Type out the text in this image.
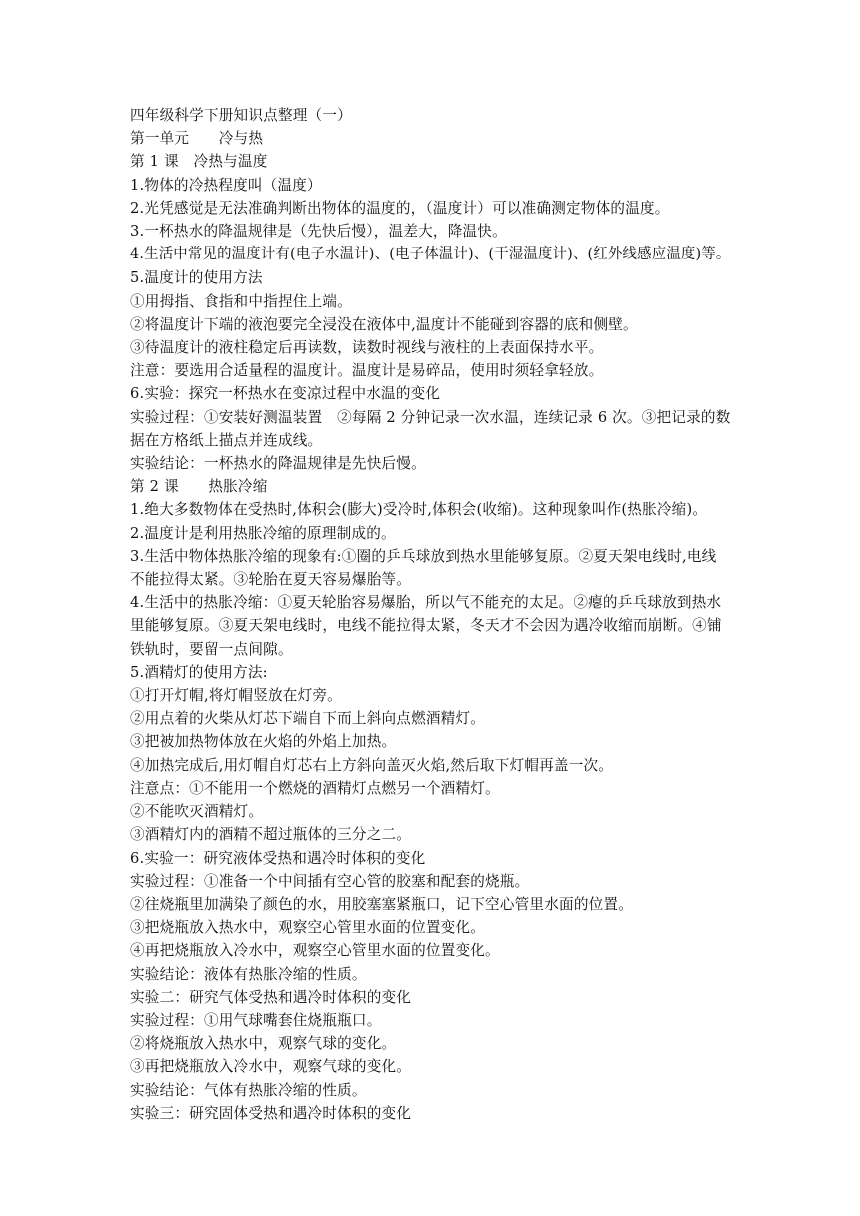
四年级科学下册知识点整理（一）
第一单元　　冷与热
第 1 课　冷热与温度
1.物体的冷热程度叫（温度）
2.光凭感觉是无法准确判断出物体的温度的，（温度计）可以准确测定物体的温度。
3.一杯热水的降温规律是（先快后慢），温差大，降温快。
4.生活中常见的温度计有(电子水温计)、(电子体温计)、(干湿温度计)、(红外线感应温度)等。
5.温度计的使用方法
①用拇指、食指和中指捏住上端。
②将温度计下端的液泡要完全浸没在液体中,温度计不能碰到容器的底和侧壁。
③待温度计的液柱稳定后再读数，读数时视线与液柱的上表面保持水平。
注意：要选用合适量程的温度计。温度计是易碎品，使用时须轻拿轻放。
6.实验：探究一杯热水在变凉过程中水温的变化
实验过程：①安装好测温装置　②每隔 2 分钟记录一次水温，连续记录 6 次。③把记录的数
据在方格纸上描点并连成线。
实验结论：一杯热水的降温规律是先快后慢。
第 2 课　　热胀冷缩
1.绝大多数物体在受热时,体积会(膨大)受冷时,体积会(收缩)。这种现象叫作(热胀冷缩)。
2.温度计是利用热胀冷缩的原理制成的。
3.生活中物体热胀冷缩的现象有:①圈的乒乓球放到热水里能够复原。②夏天架电线时,电线
不能拉得太紧。③轮胎在夏天容易爆胎等。
4.生活中的热胀冷缩：①夏天轮胎容易爆胎，所以气不能充的太足。②瘪的乒乓球放到热水
里能够复原。③夏天架电线时，电线不能拉得太紧，冬天才不会因为遇冷收缩而崩断。④铺
铁轨时，要留一点间隙。
5.酒精灯的使用方法:
①打开灯帽,将灯帽竖放在灯旁。
②用点着的火柴从灯芯下端自下而上斜向点燃酒精灯。
③把被加热物体放在火焰的外焰上加热。
④加热完成后,用灯帽自灯芯右上方斜向盖灭火焰,然后取下灯帽再盖一次。
注意点：①不能用一个燃烧的酒精灯点燃另一个酒精灯。
②不能吹灭酒精灯。
③酒精灯内的酒精不超过瓶体的三分之二。
6.实验一：研究液体受热和遇冷时体积的变化
实验过程：①准备一个中间插有空心管的胶塞和配套的烧瓶。
②往烧瓶里加满染了颜色的水，用胶塞塞紧瓶口，记下空心管里水面的位置。
③把烧瓶放入热水中，观察空心管里水面的位置变化。
④再把烧瓶放入冷水中，观察空心管里水面的位置变化。
实验结论：液体有热胀冷缩的性质。
实验二：研究气体受热和遇冷时体积的变化
实验过程：①用气球嘴套住烧瓶瓶口。
②将烧瓶放入热水中，观察气球的变化。
③再把烧瓶放入冷水中，观察气球的变化。
实验结论：气体有热胀冷缩的性质。
实验三：研究固体受热和遇冷时体积的变化
